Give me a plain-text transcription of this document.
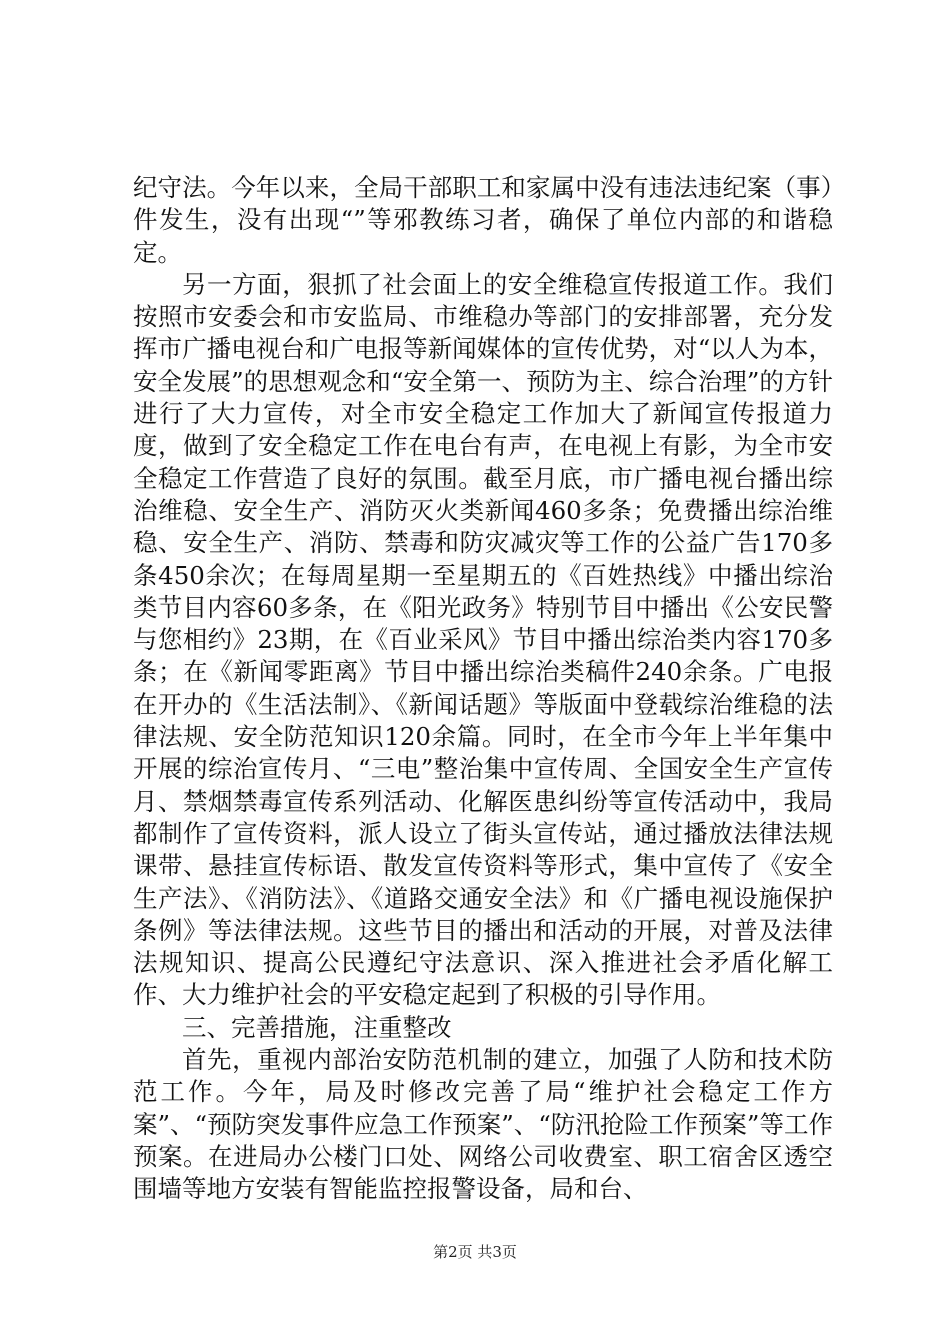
纪守法。今年以来，全局干部职工和家属中没有违法违纪案（事）件发生，没有出现“”等邪教练习者，确保了单位内部的和谐稳定。

另一方面，狠抓了社会面上的安全维稳宣传报道工作。我们按照市安委会和市安监局、市维稳办等部门的安排部署，充分发挥市广播电视台和广电报等新闻媒体的宣传优势，对“以人为本，安全发展”的思想观念和“安全第一、预防为主、综合治理”的方针进行了大力宣传，对全市安全稳定工作加大了新闻宣传报道力度，做到了安全稳定工作在电台有声，在电视上有影，为全市安全稳定工作营造了良好的氛围。截至月底，市广播电视台播出综治维稳、安全生产、消防灭火类新闻460多条；免费播出综治维稳、安全生产、消防、禁毒和防灾减灾等工作的公益广告170多条450余次；在每周星期一至星期五的《百姓热线》中播出综治类节目内容60多条，在《阳光政务》特别节目中播出《公安民警与您相约》23期，在《百业采风》节目中播出综治类内容170多条；在《新闻零距离》节目中播出综治类稿件240余条。广电报在开办的《生活法制》、《新闻话题》等版面中登载综治维稳的法律法规、安全防范知识120余篇。同时，在全市今年上半年集中开展的综治宣传月、“三电”整治集中宣传周、全国安全生产宣传月、禁烟禁毒宣传系列活动、化解医患纠纷等宣传活动中，我局都制作了宣传资料，派人设立了街头宣传站，通过播放法律法规课带、悬挂宣传标语、散发宣传资料等形式，集中宣传了《安全生产法》、《消防法》、《道路交通安全法》和《广播电视设施保护条例》等法律法规。这些节目的播出和活动的开展，对普及法律法规知识、提高公民遵纪守法意识、深入推进社会矛盾化解工作、大力维护社会的平安稳定起到了积极的引导作用。

三、完善措施，注重整改

首先，重视内部治安防范机制的建立，加强了人防和技术防范工作。今年，局及时修改完善了局“维护社会稳定工作方案”、“预防突发事件应急工作预案”、“防汛抢险工作预案”等工作预案。在进局办公楼门口处、网络公司收费室、职工宿舍区透空围墙等地方安装有智能监控报警设备，局和台、

第2页 共3页
